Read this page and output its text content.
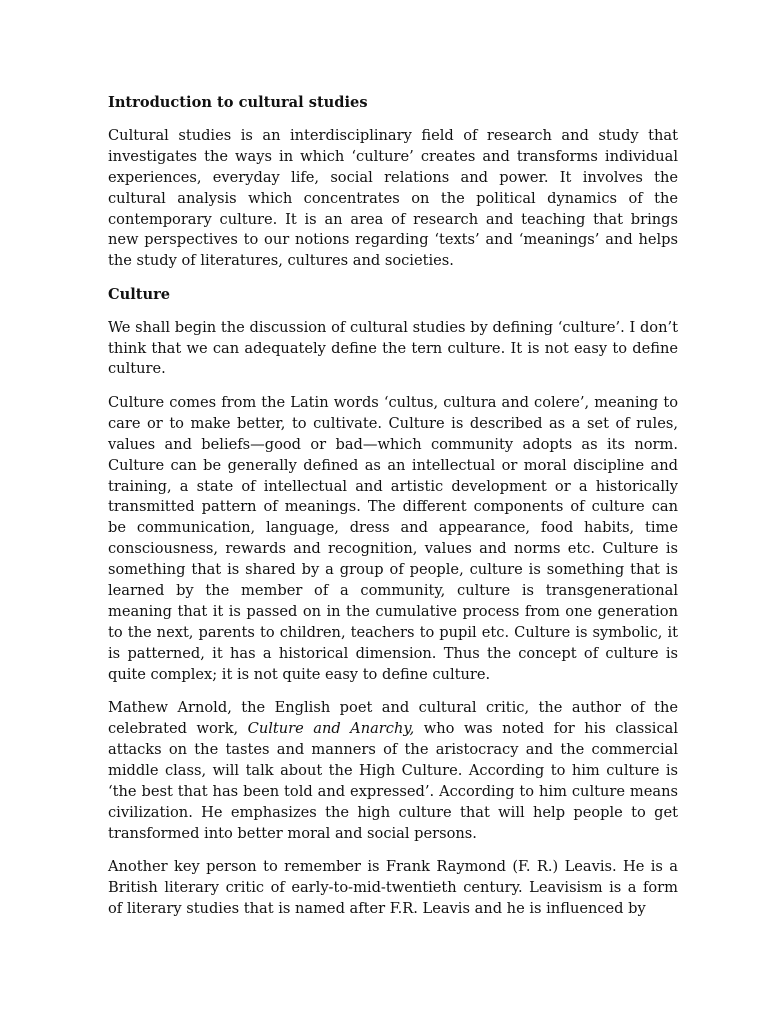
Introduction to cultural studies

Cultural studies is an interdisciplinary field of research and study that investigates the ways in which ‘culture’ creates and transforms individual experiences, everyday life, social relations and power. It involves the cultural analysis which concentrates on the political dynamics of the contemporary culture. It is an area of research and teaching that brings new perspectives to our notions regarding ‘texts’ and ‘meanings’ and helps the study of literatures, cultures and societies.

Culture

We shall begin the discussion of cultural studies by defining ‘culture’. I don’t think that we can adequately define the tern culture. It is not easy to define culture.

Culture comes from the Latin words ‘cultus, cultura and colere’, meaning to care or to make better, to cultivate. Culture is described as a set of rules, values and beliefs—good or bad—which community adopts as its norm. Culture can be generally defined as an intellectual or moral discipline and training, a state of intellectual and artistic development or a historically transmitted pattern of meanings. The different components of culture can be communication, language, dress and appearance, food habits, time consciousness, rewards and recognition, values and norms etc. Culture is something that is shared by a group of people, culture is something that is learned by the member of a community, culture is transgenerational meaning that it is passed on in the cumulative process from one generation to the next, parents to children, teachers to pupil etc. Culture is symbolic, it is patterned, it has a historical dimension. Thus the concept of culture is quite complex; it is not quite easy to define culture.

Mathew Arnold, the English poet and cultural critic, the author of the celebrated work, Culture and Anarchy, who was noted for his classical attacks on the tastes and manners of the aristocracy and the commercial middle class, will talk about the High Culture. According to him culture is ‘the best that has been told and expressed’. According to him culture means civilization. He emphasizes the high culture that will help people to get transformed into better moral and social persons.

Another key person to remember is Frank Raymond (F. R.) Leavis. He is a British literary critic of early-to-mid-twentieth century. Leavisism is a form of literary studies that is named after F.R. Leavis and he is influenced by
